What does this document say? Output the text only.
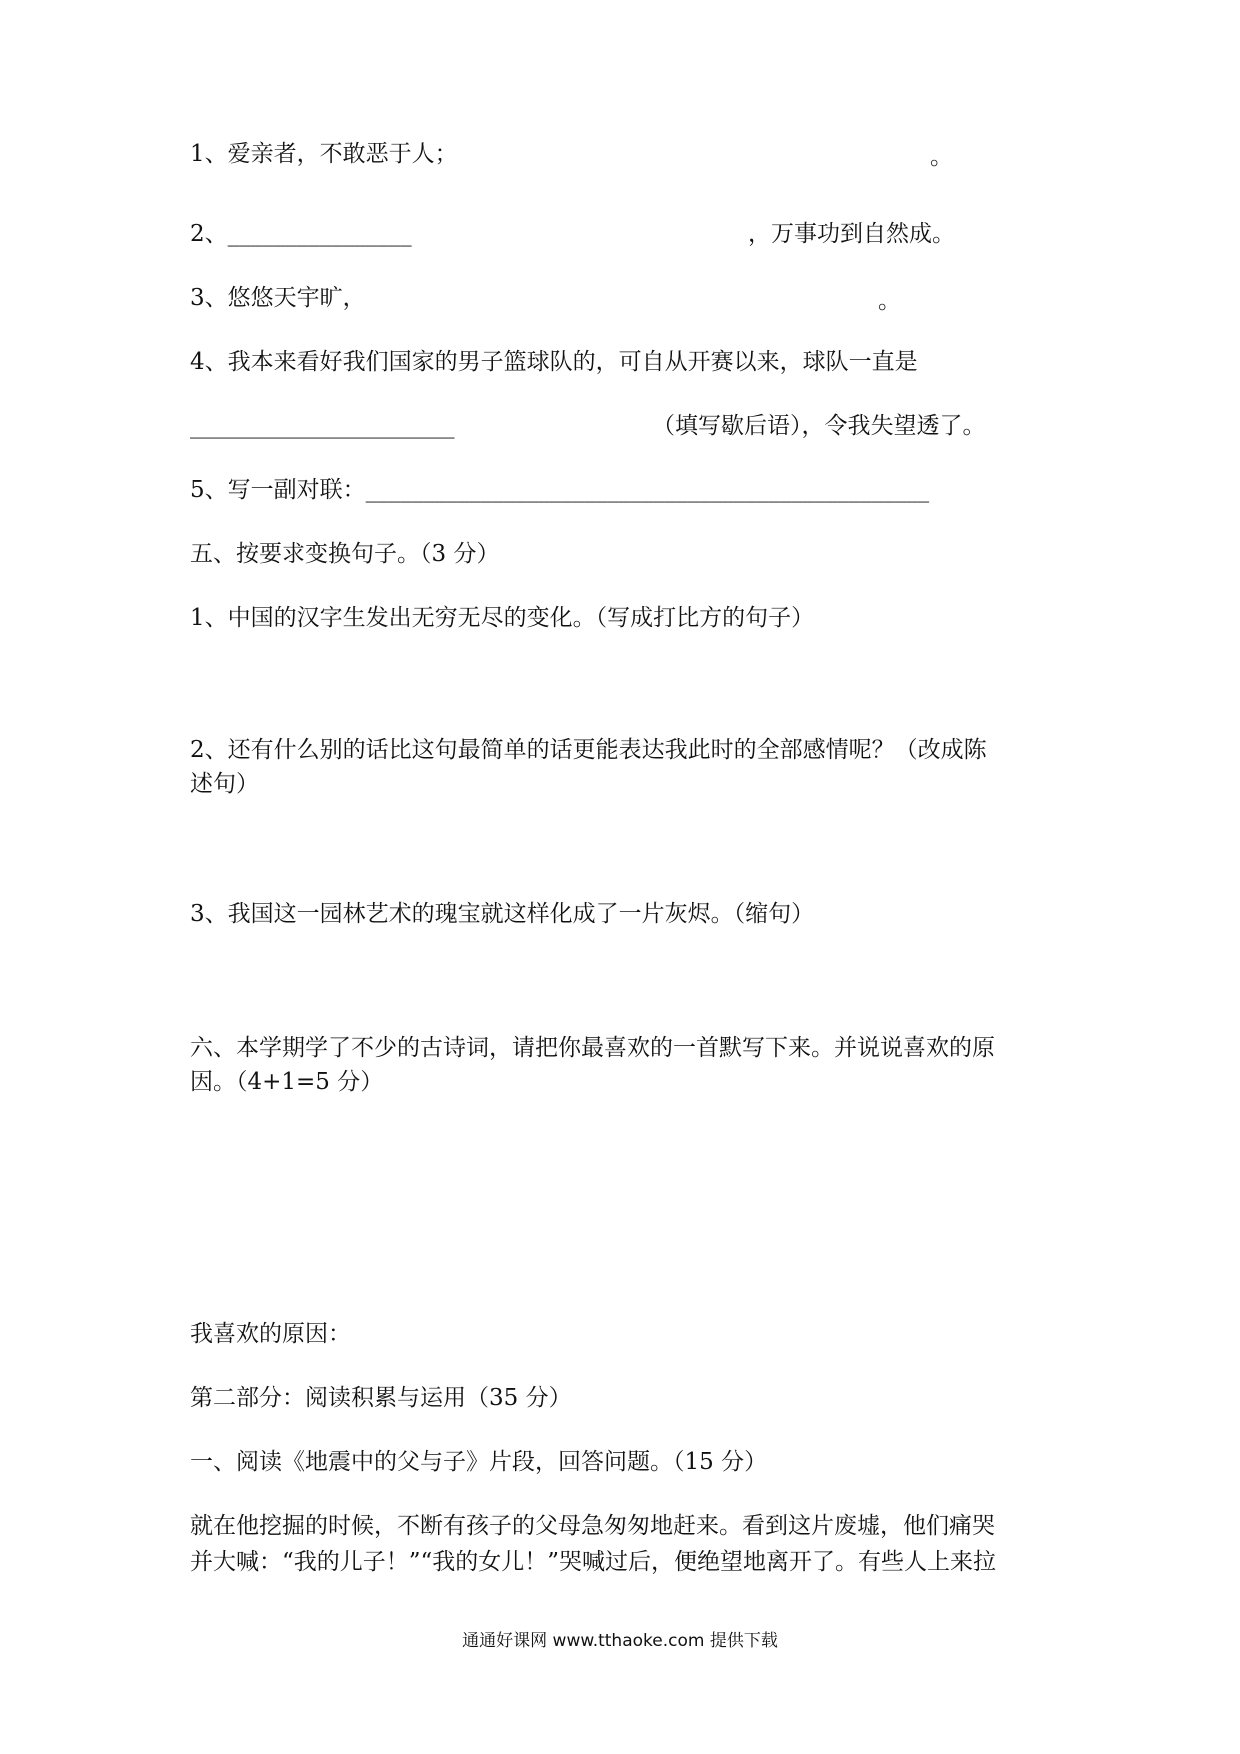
1、爱亲者，不敢恶于人；	。
2、________________	，万事功到自然成。
3、悠悠天宇旷，	。
4、我本来看好我们国家的男子篮球队的，可自从开赛以来，球队一直是
_______________________	（填写歇后语），令我失望透了。
5、写一副对联：_________________________________________________
五、按要求变换句子。（3 分）
1、中国的汉字生发出无穷无尽的变化。（写成打比方的句子）
2、还有什么别的话比这句最简单的话更能表达我此时的全部感情呢？（改成陈
述句）
3、我国这一园林艺术的瑰宝就这样化成了一片灰烬。（缩句）
六、本学期学了不少的古诗词，请把你最喜欢的一首默写下来。并说说喜欢的原
因。（4+1=5 分）
我喜欢的原因：
第二部分：阅读积累与运用（35 分）
一、阅读《地震中的父与子》片段，回答问题。（15 分）
就在他挖掘的时候，不断有孩子的父母急匆匆地赶来。看到这片废墟，他们痛哭
并大喊：“我的儿子！”“我的女儿！”哭喊过后，便绝望地离开了。有些人上来拉
通通好课网 www.tthaoke.com 提供下载
